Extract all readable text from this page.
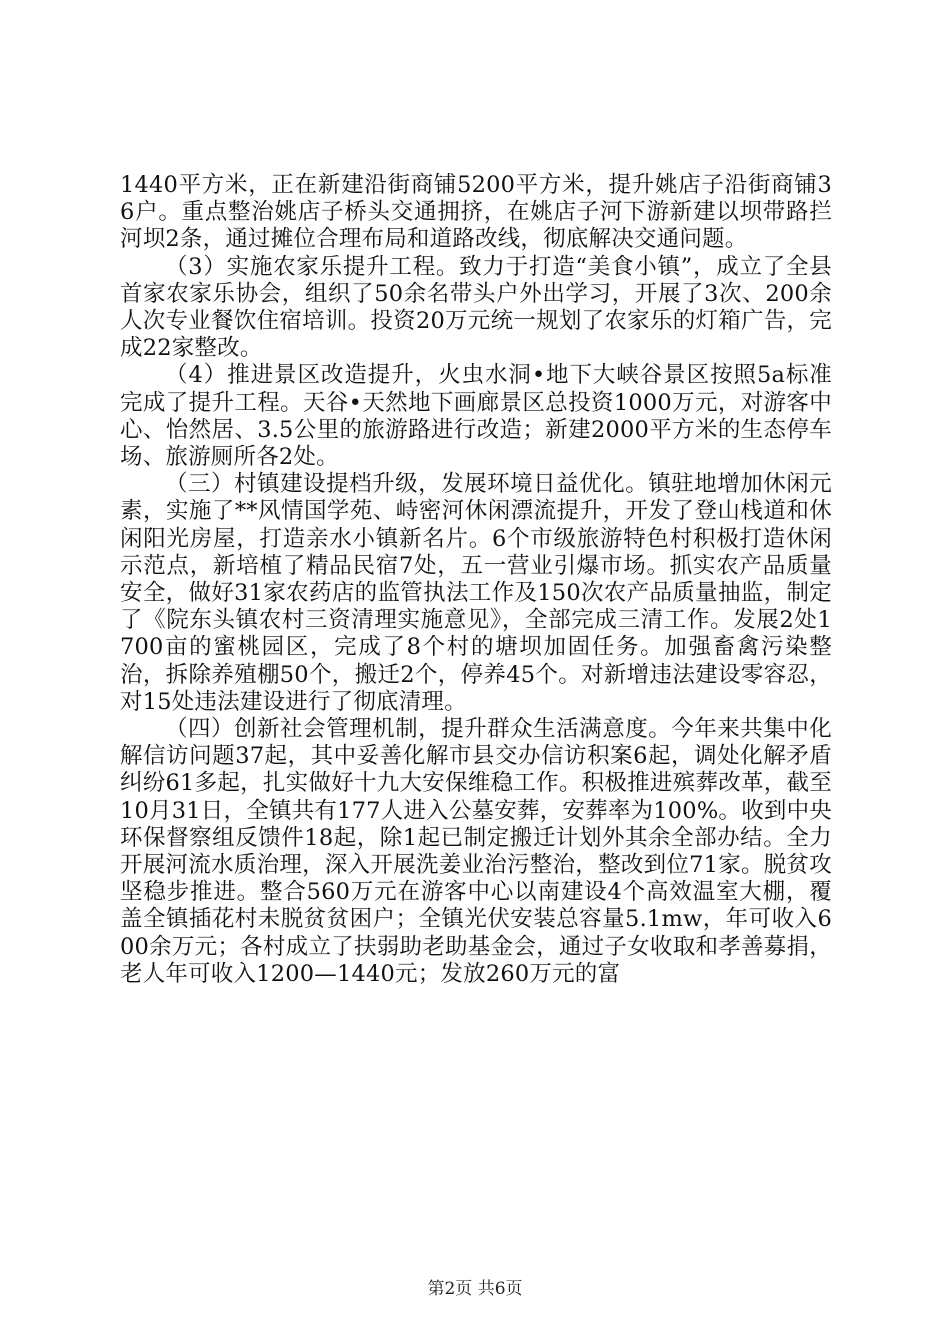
1440平方米，正在新建沿街商铺5200平方米，提升姚店子沿街商铺36户。重点整治姚店子桥头交通拥挤，在姚店子河下游新建以坝带路拦河坝2条，通过摊位合理布局和道路改线，彻底解决交通问题。

（3）实施农家乐提升工程。致力于打造“美食小镇”，成立了全县首家农家乐协会，组织了50余名带头户外出学习，开展了3次、200余人次专业餐饮住宿培训。投资20万元统一规划了农家乐的灯箱广告，完成22家整改。

（4）推进景区改造提升，火虫水洞•地下大峡谷景区按照5a标准完成了提升工程。天谷•天然地下画廊景区总投资1000万元，对游客中心、怡然居、3.5公里的旅游路进行改造；新建2000平方米的生态停车场、旅游厕所各2处。

（三）村镇建设提档升级，发展环境日益优化。镇驻地增加休闲元素，实施了**风情国学苑、峙密河休闲漂流提升，开发了登山栈道和休闲阳光房屋，打造亲水小镇新名片。6个市级旅游特色村积极打造休闲示范点，新培植了精品民宿7处，五一营业引爆市场。抓实农产品质量安全，做好31家农药店的监管执法工作及150次农产品质量抽监，制定了《院东头镇农村三资清理实施意见》，全部完成三清工作。发展2处1700亩的蜜桃园区，完成了8个村的塘坝加固任务。加强畜禽污染整治，拆除养殖棚50个，搬迁2个，停养45个。对新增违法建设零容忍，对15处违法建设进行了彻底清理。

（四）创新社会管理机制，提升群众生活满意度。今年来共集中化解信访问题37起，其中妥善化解市县交办信访积案6起，调处化解矛盾纠纷61多起，扎实做好十九大安保维稳工作。积极推进殡葬改革，截至10月31日，全镇共有177人进入公墓安葬，安葬率为100%。收到中央环保督察组反馈件18起，除1起已制定搬迁计划外其余全部办结。全力开展河流水质治理，深入开展洗姜业治污整治，整改到位71家。脱贫攻坚稳步推进。整合560万元在游客中心以南建设4个高效温室大棚，覆盖全镇插花村未脱贫贫困户；全镇光伏安装总容量5.1mw，年可收入600余万元；各村成立了扶弱助老助基金会，通过子女收取和孝善募捐，老人年可收入1200—1440元；发放260万元的富

第2页 共6页
